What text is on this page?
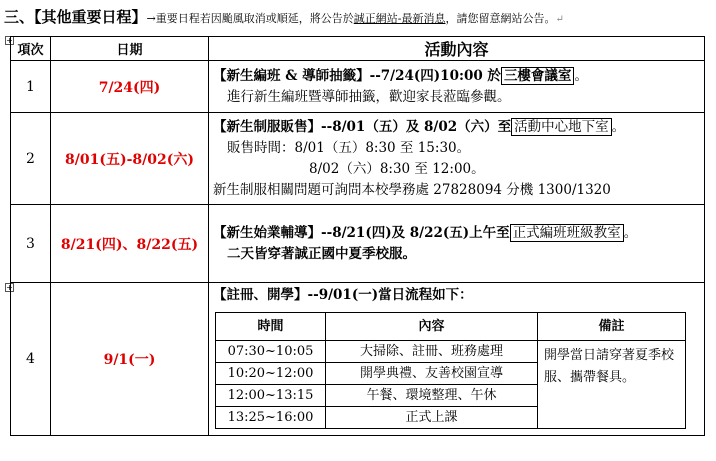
三、【其他重要日程】→重要日程若因颱風取消或順延，將公告於誠正網站-最新消息，請您留意網站公告。↵
+
+
項次	日期	活動內容
1	7/24(四)	
【新生編班 & 導師抽籤】--7/24(四)10:00 於 三樓會議室 。
進行新生編班暨導師抽籤，歡迎家長蒞臨參觀。

2	8/01(五)-8/02(六)	
【新生制服販售】--8/01（五）及 8/02（六）至 活動中心地下室 。
販售時間：8/01（五）8:30 至 15:30。
8/02（六）8:30 至 12:00。
新生制服相關問題可詢問本校學務處 27828094 分機 1300/1320

3	8/21(四)、8/22(五)	
【新生始業輔導】--8/21(四)及 8/22(五)上午至 正式編班班級教室 。
二天皆穿著誠正國中夏季校服。

4	9/1(一)	
【註冊、開學】--9/01(一)當日流程如下：
時間	內容	備註
07:30~10:05	大掃除、註冊、班務處理	開學當日請穿著夏季校服、攜帶餐具。
10:20~12:00	開學典禮、友善校園宣導
12:00~13:15	午餐、環境整理、午休
13:25~16:00	正式上課
